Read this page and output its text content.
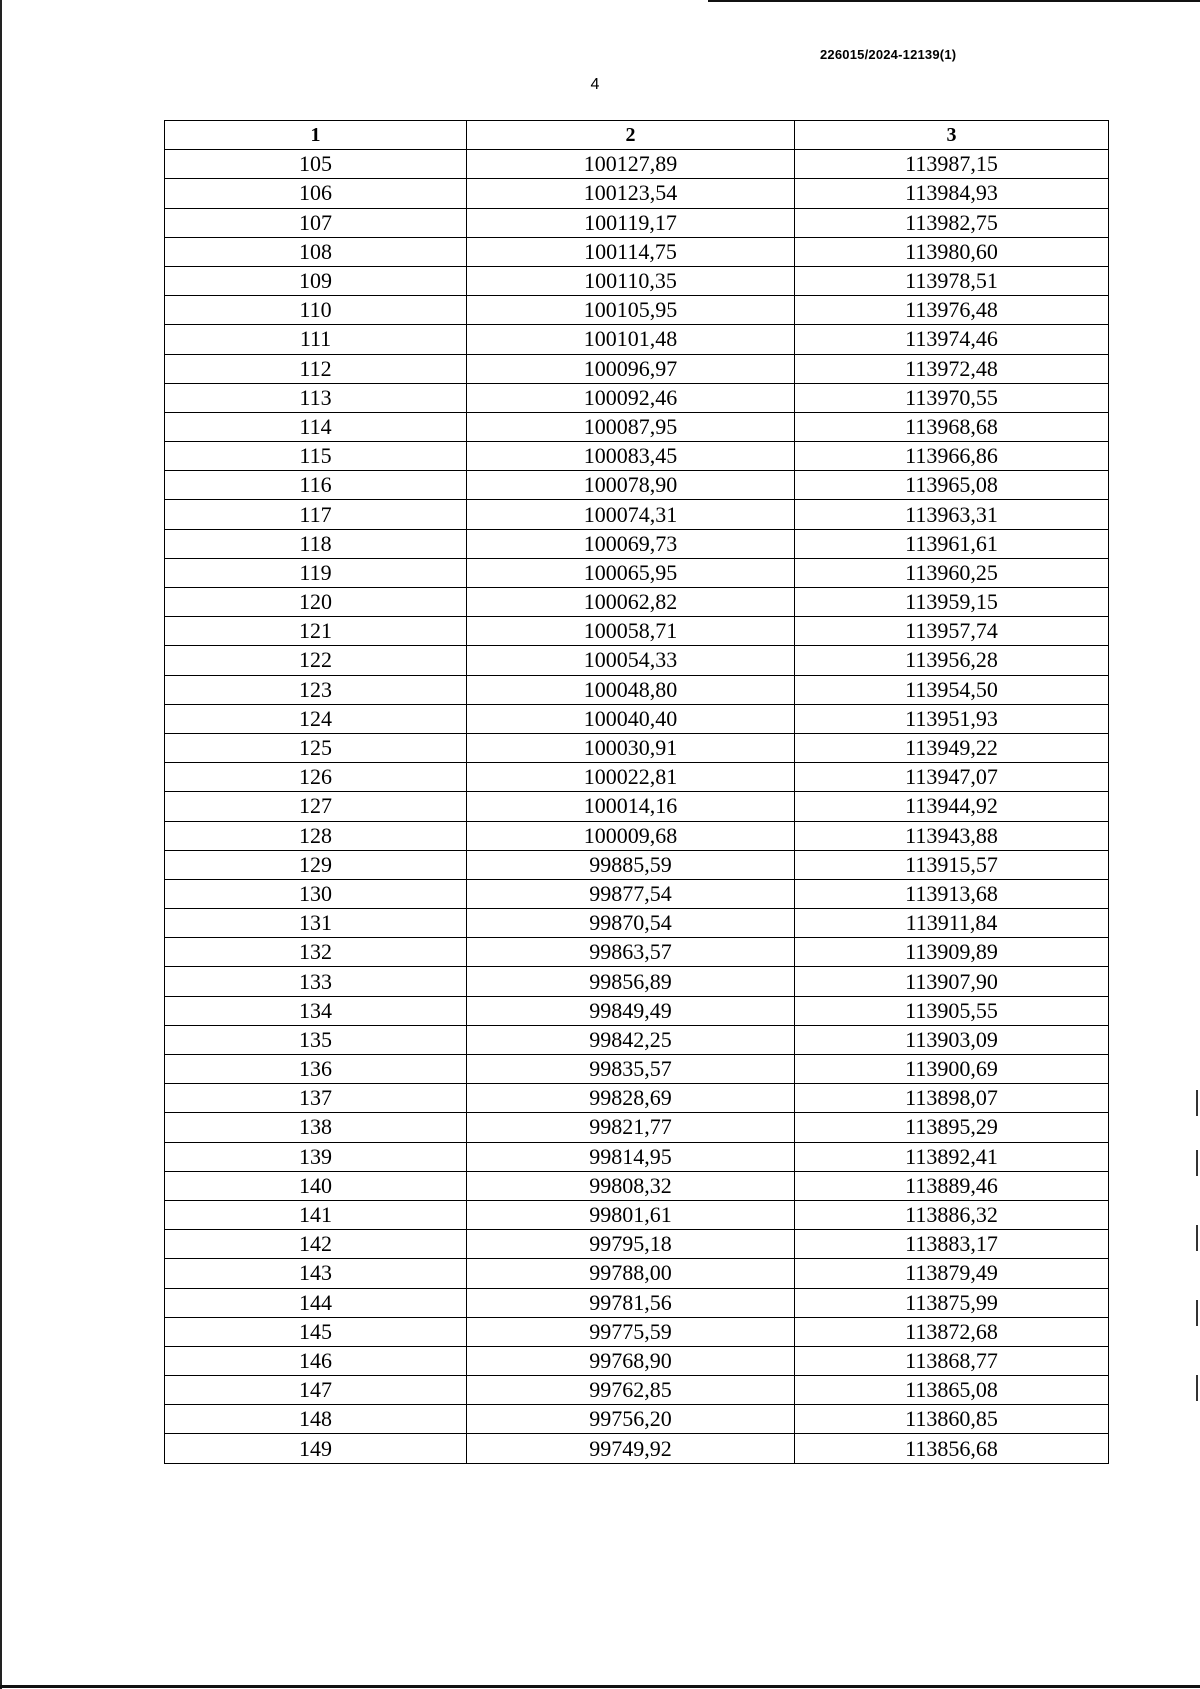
226015/2024-12139(1)
4
1	2	3
105	100127,89	113987,15
106	100123,54	113984,93
107	100119,17	113982,75
108	100114,75	113980,60
109	100110,35	113978,51
110	100105,95	113976,48
111	100101,48	113974,46
112	100096,97	113972,48
113	100092,46	113970,55
114	100087,95	113968,68
115	100083,45	113966,86
116	100078,90	113965,08
117	100074,31	113963,31
118	100069,73	113961,61
119	100065,95	113960,25
120	100062,82	113959,15
121	100058,71	113957,74
122	100054,33	113956,28
123	100048,80	113954,50
124	100040,40	113951,93
125	100030,91	113949,22
126	100022,81	113947,07
127	100014,16	113944,92
128	100009,68	113943,88
129	99885,59	113915,57
130	99877,54	113913,68
131	99870,54	113911,84
132	99863,57	113909,89
133	99856,89	113907,90
134	99849,49	113905,55
135	99842,25	113903,09
136	99835,57	113900,69
137	99828,69	113898,07
138	99821,77	113895,29
139	99814,95	113892,41
140	99808,32	113889,46
141	99801,61	113886,32
142	99795,18	113883,17
143	99788,00	113879,49
144	99781,56	113875,99
145	99775,59	113872,68
146	99768,90	113868,77
147	99762,85	113865,08
148	99756,20	113860,85
149	99749,92	113856,68
